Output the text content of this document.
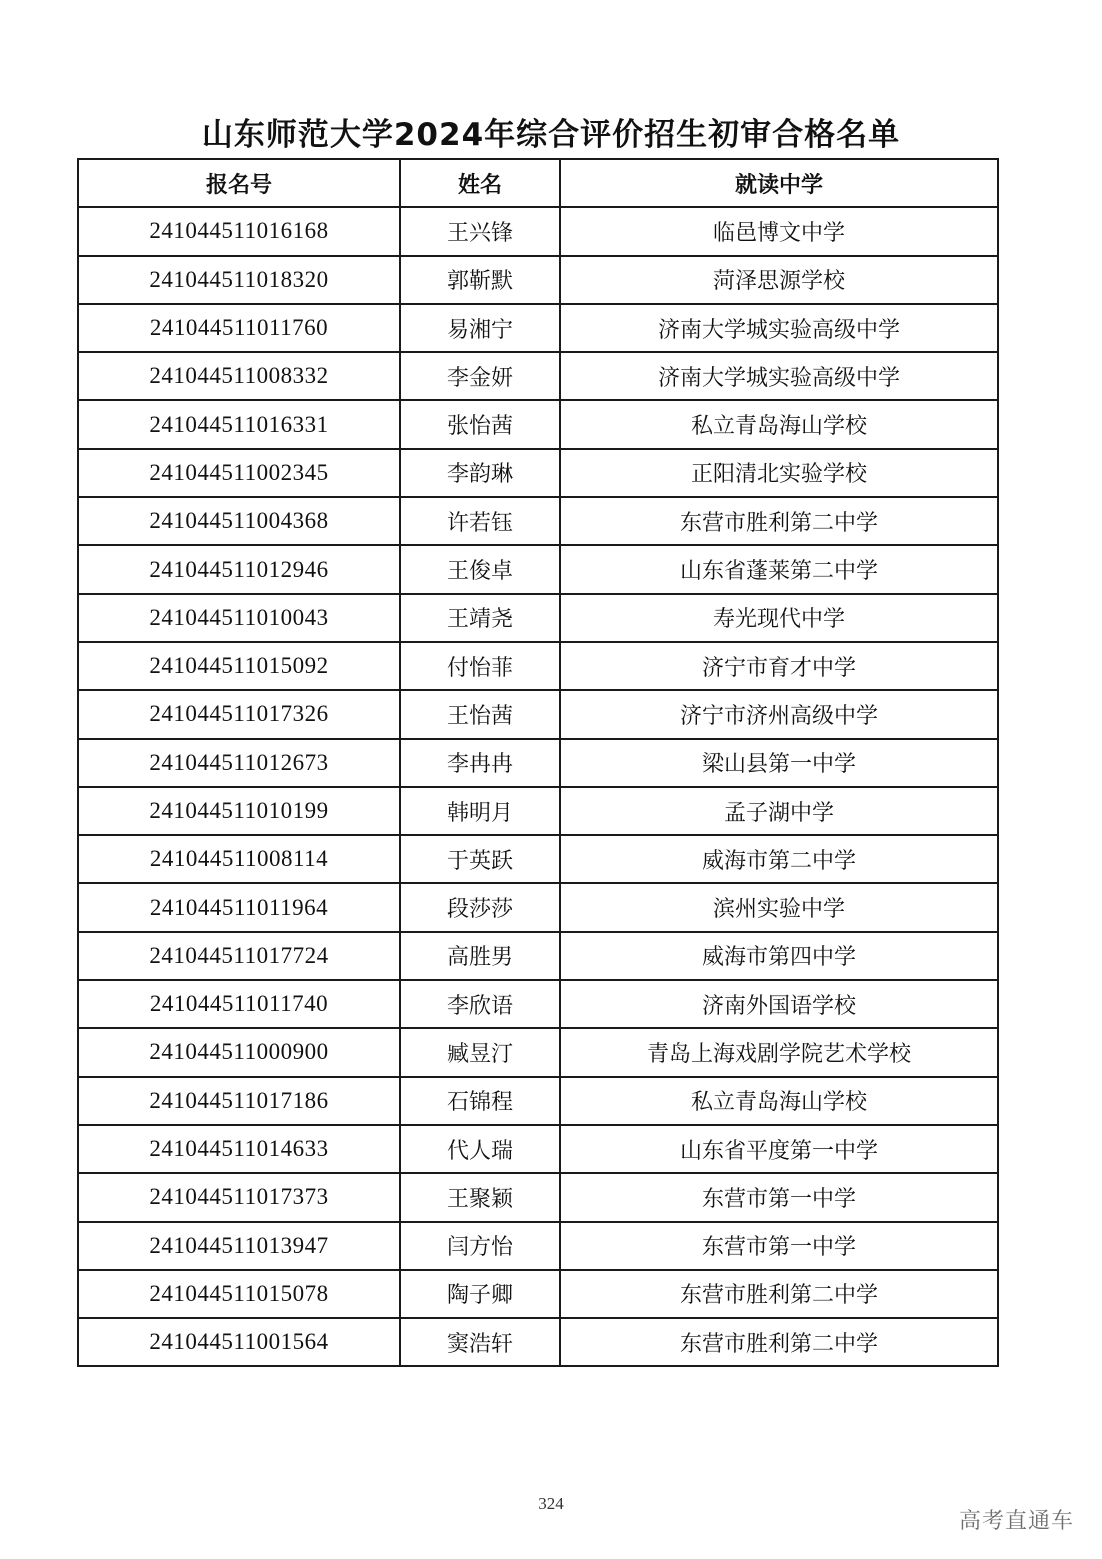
山东师范大学2024年综合评价招生初审合格名单
报名号	姓名	就读中学
241044511016168	王兴锋	临邑博文中学
241044511018320	郭靳默	菏泽思源学校
241044511011760	易湘宁	济南大学城实验高级中学
241044511008332	李金妍	济南大学城实验高级中学
241044511016331	张怡茜	私立青岛海山学校
241044511002345	李韵琳	正阳清北实验学校
241044511004368	许若钰	东营市胜利第二中学
241044511012946	王俊卓	山东省蓬莱第二中学
241044511010043	王靖尧	寿光现代中学
241044511015092	付怡菲	济宁市育才中学
241044511017326	王怡茜	济宁市济州高级中学
241044511012673	李冉冉	梁山县第一中学
241044511010199	韩明月	孟子湖中学
241044511008114	于英跃	威海市第二中学
241044511011964	段莎莎	滨州实验中学
241044511017724	高胜男	威海市第四中学
241044511011740	李欣语	济南外国语学校
241044511000900	臧昱汀	青岛上海戏剧学院艺术学校
241044511017186	石锦程	私立青岛海山学校
241044511014633	代人瑞	山东省平度第一中学
241044511017373	王聚颖	东营市第一中学
241044511013947	闫方怡	东营市第一中学
241044511015078	陶子卿	东营市胜利第二中学
241044511001564	窦浩轩	东营市胜利第二中学
324
高考直通车
